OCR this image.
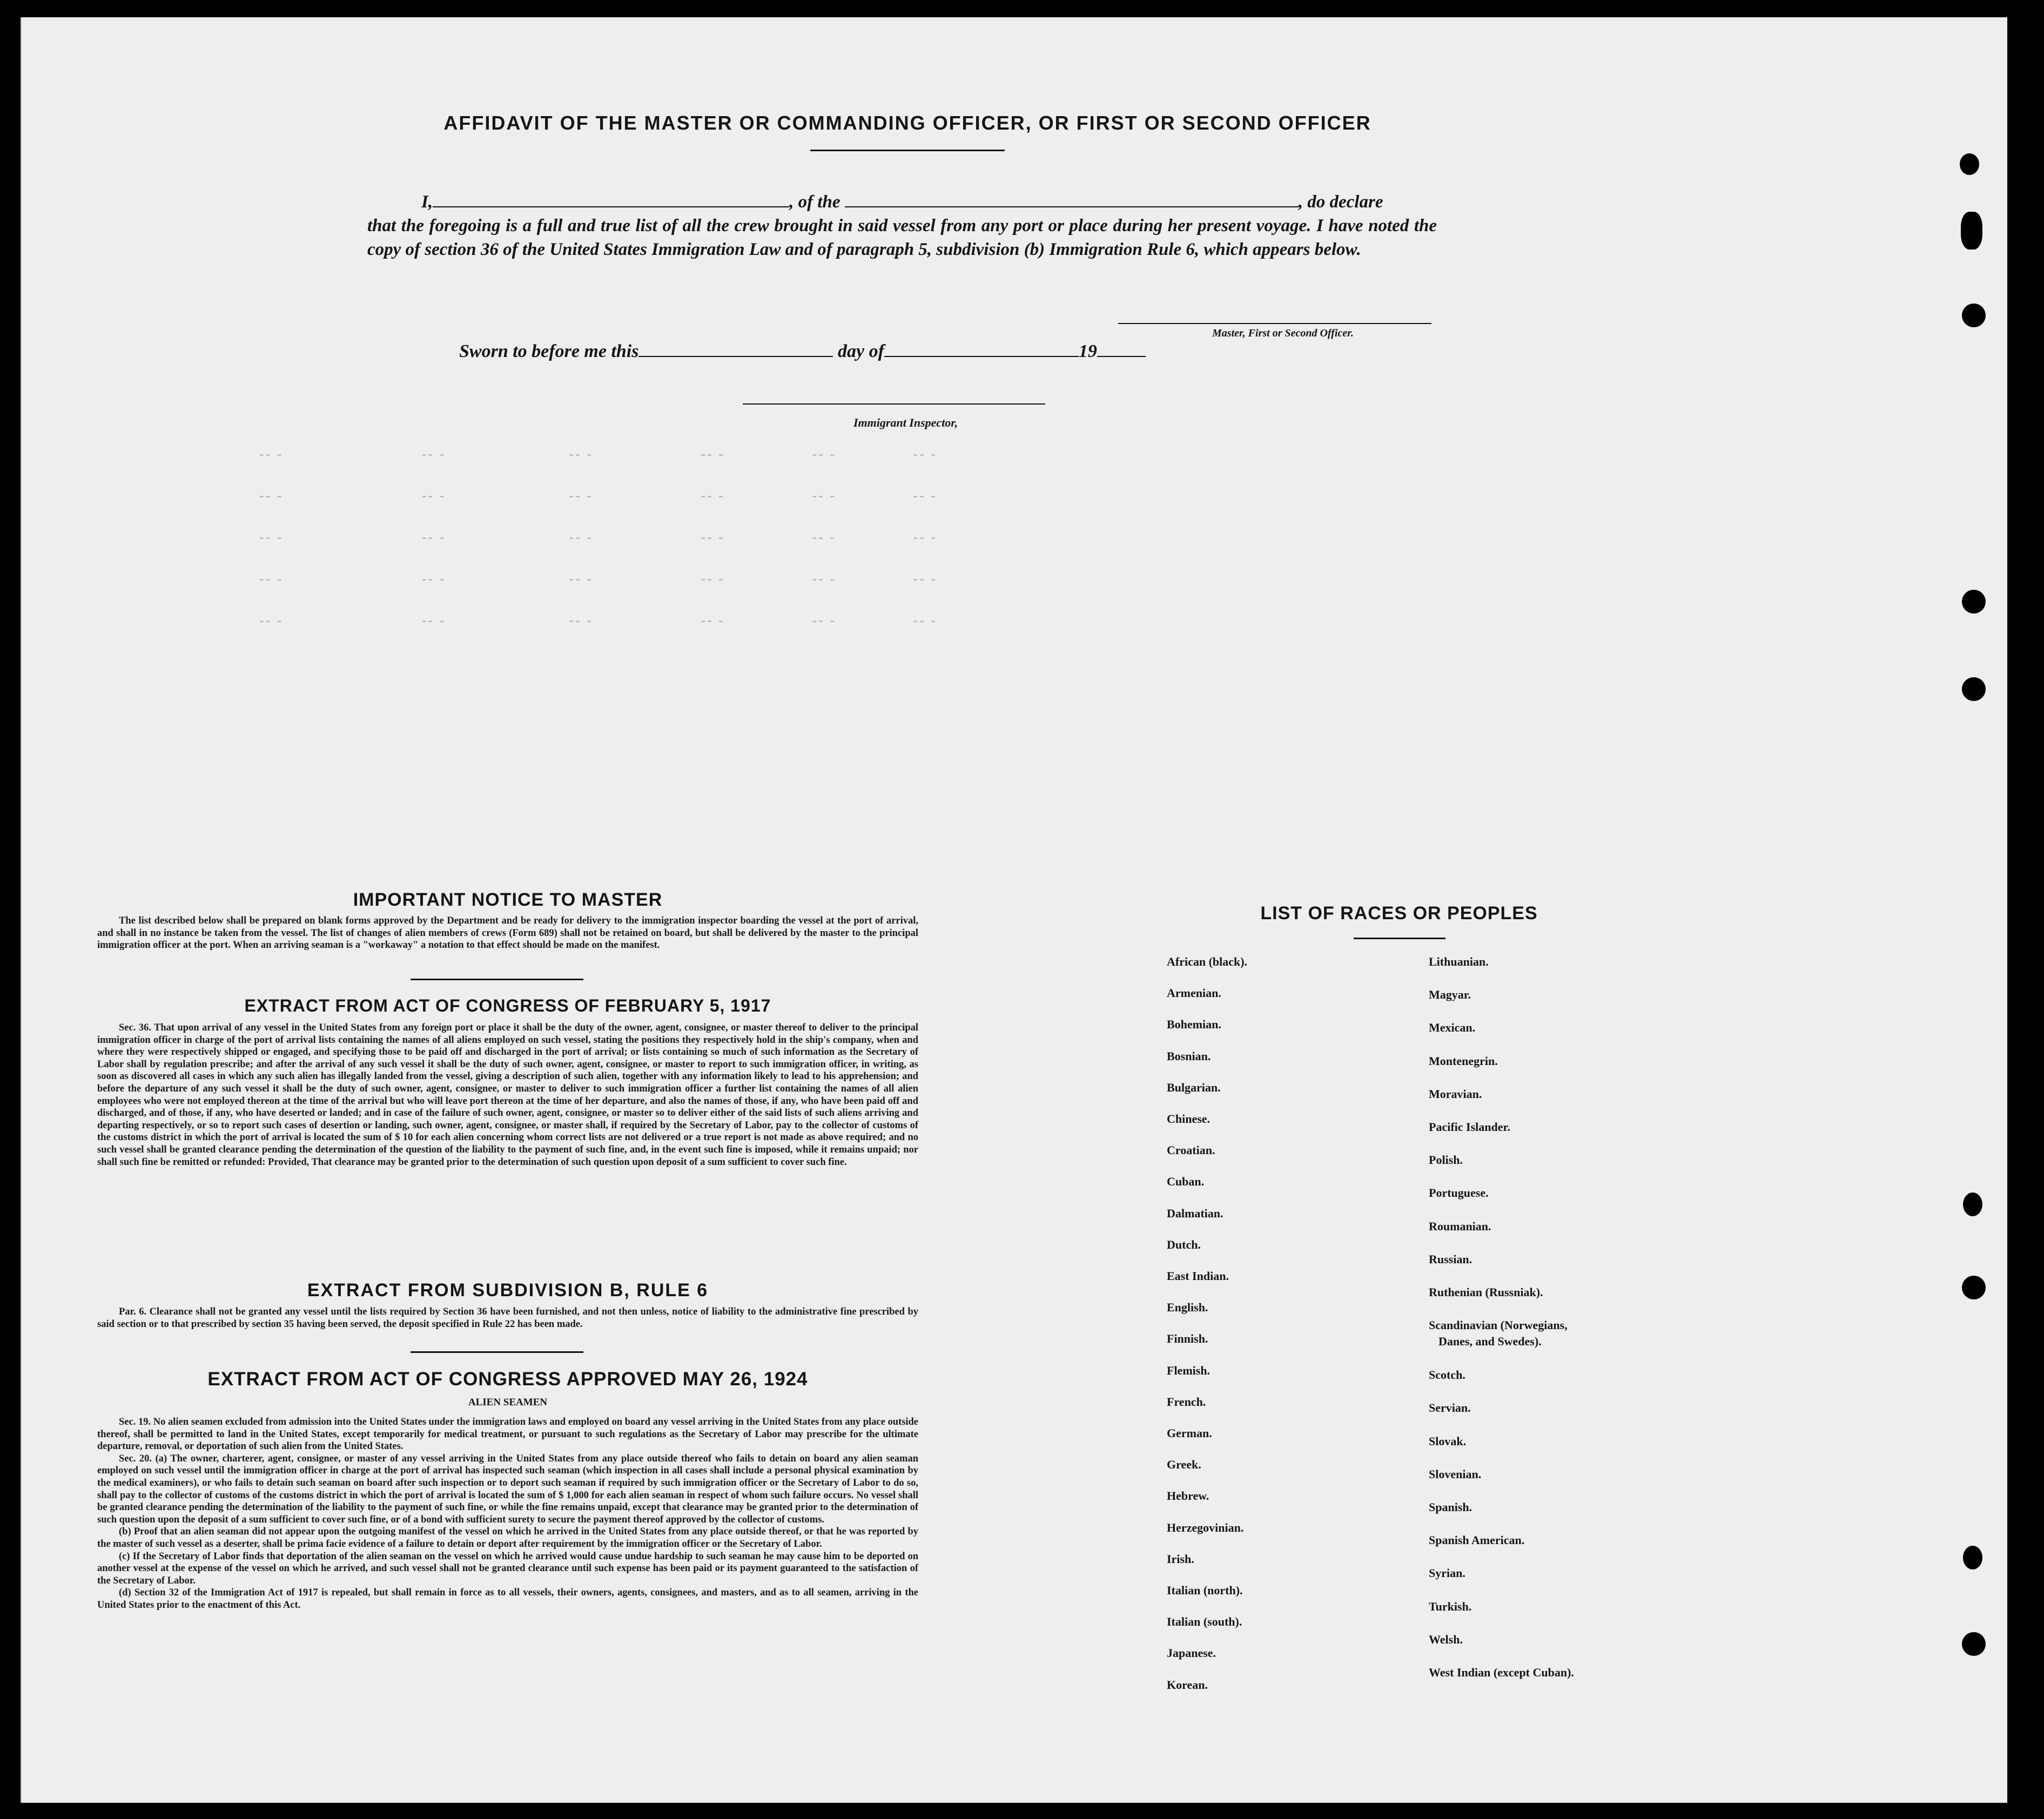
-- -                           -- -                        -- -                     -- -                 -- -               -- -
-- -                           -- -                        -- -                     -- -                 -- -               -- -
-- -                           -- -                        -- -                     -- -                 -- -               -- -
-- -                           -- -                        -- -                     -- -                 -- -               -- -
-- -                           -- -                        -- -                     -- -                 -- -               -- -
AFFIDAVIT OF THE MASTER OR COMMANDING OFFICER, OR FIRST OR SECOND OFFICER

I,	, of the	, do declare

that the foregoing is a full and true list of all the crew brought in said vessel from any port or place during her present voyage. I have noted the copy of section 36 of the United States Immigration Law and of paragraph 5, subdivision (b) Immigration Rule 6, which appears below.

Master, First or Second Officer.
Sworn to before me this	day of	19
Immigrant Inspector,
IMPORTANT NOTICE TO MASTER

The list described below shall be prepared on blank forms approved by the Department and be ready for delivery to the immigration inspector boarding the vessel at the port of arrival, and shall in no instance be taken from the vessel. The list of changes of alien members of crews (Form 689) shall not be retained on board, but shall be delivered by the master to the principal immigration officer at the port. When an arriving seaman is a "workaway" a notation to that effect should be made on the manifest.

EXTRACT FROM ACT OF CONGRESS OF FEBRUARY 5, 1917

Sec. 36. That upon arrival of any vessel in the United States from any foreign port or place it shall be the duty of the owner, agent, consignee, or master thereof to deliver to the principal immigration officer in charge of the port of arrival lists containing the names of all aliens employed on such vessel, stating the positions they respectively hold in the ship's company, when and where they were respectively shipped or engaged, and specifying those to be paid off and discharged in the port of arrival; or lists containing so much of such information as the Secretary of Labor shall by regulation prescribe; and after the arrival of any such vessel it shall be the duty of such owner, agent, consignee, or master to report to such immigration officer, in writing, as soon as discovered all cases in which any such alien has illegally landed from the vessel, giving a description of such alien, together with any information likely to lead to his apprehension; and before the departure of any such vessel it shall be the duty of such owner, agent, consignee, or master to deliver to such immigration officer a further list containing the names of all alien employees who were not employed thereon at the time of the arrival but who will leave port thereon at the time of her departure, and also the names of those, if any, who have been paid off and discharged, and of those, if any, who have deserted or landed; and in case of the failure of such owner, agent, consignee, or master so to deliver either of the said lists of such aliens arriving and departing respectively, or so to report such cases of desertion or landing, such owner, agent, consignee, or master shall, if required by the Secretary of Labor, pay to the collector of customs of the customs district in which the port of arrival is located the sum of $ 10 for each alien concerning whom correct lists are not delivered or a true report is not made as above required; and no such vessel shall be granted clearance pending the determination of the question of the liability to the payment of such fine, and, in the event such fine is imposed, while it remains unpaid; nor shall such fine be remitted or refunded: Provided, That clearance may be granted prior to the determination of such question upon deposit of a sum sufficient to cover such fine.

EXTRACT FROM SUBDIVISION B, RULE 6

Par. 6. Clearance shall not be granted any vessel until the lists required by Section 36 have been furnished, and not then unless, notice of liability to the administrative fine prescribed by said section or to that prescribed by section 35 having been served, the deposit specified in Rule 22 has been made.

EXTRACT FROM ACT OF CONGRESS APPROVED MAY 26, 1924
ALIEN SEAMEN

Sec. 19. No alien seamen excluded from admission into the United States under the immigration laws and employed on board any vessel arriving in the United States from any place outside thereof, shall be permitted to land in the United States, except temporarily for medical treatment, or pursuant to such regulations as the Secretary of Labor may prescribe for the ultimate departure, removal, or deportation of such alien from the United States.

Sec. 20. (a) The owner, charterer, agent, consignee, or master of any vessel arriving in the United States from any place outside thereof who fails to detain on board any alien seaman employed on such vessel until the immigration officer in charge at the port of arrival has inspected such seaman (which inspection in all cases shall include a personal physical examination by the medical examiners), or who fails to detain such seaman on board after such inspection or to deport such seaman if required by such immigration officer or the Secretary of Labor to do so, shall pay to the collector of customs of the customs district in which the port of arrival is located the sum of $ 1,000 for each alien seaman in respect of whom such failure occurs. No vessel shall be granted clearance pending the determination of the liability to the payment of such fine, or while the fine remains unpaid, except that clearance may be granted prior to the determination of such question upon the deposit of a sum sufficient to cover such fine, or of a bond with sufficient surety to secure the payment thereof approved by the collector of customs.

(b) Proof that an alien seaman did not appear upon the outgoing manifest of the vessel on which he arrived in the United States from any place outside thereof, or that he was reported by the master of such vessel as a deserter, shall be prima facie evidence of a failure to detain or deport after requirement by the immigration officer or the Secretary of Labor.

(c) If the Secretary of Labor finds that deportation of the alien seaman on the vessel on which he arrived would cause undue hardship to such seaman he may cause him to be deported on another vessel at the expense of the vessel on which he arrived, and such vessel shall not be granted clearance until such expense has been paid or its payment guaranteed to the satisfaction of the Secretary of Labor.

(d) Section 32 of the Immigration Act of 1917 is repealed, but shall remain in force as to all vessels, their owners, agents, consignees, and masters, and as to all seamen, arriving in the United States prior to the enactment of this Act.

LIST OF RACES OR PEOPLES
African (black).
Armenian.
Bohemian.
Bosnian.
Bulgarian.
Chinese.
Croatian.
Cuban.
Dalmatian.
Dutch.
East Indian.
English.
Finnish.
Flemish.
French.
German.
Greek.
Hebrew.
Herzegovinian.
Irish.
Italian (north).
Italian (south).
Japanese.
Korean.
Lithuanian.
Magyar.
Mexican.
Montenegrin.
Moravian.
Pacific Islander.
Polish.
Portuguese.
Roumanian.
Russian.
Ruthenian (Russniak).
Scandinavian (Norwegians,
Danes, and Swedes).
Scotch.
Servian.
Slovak.
Slovenian.
Spanish.
Spanish American.
Syrian.
Turkish.
Welsh.
West Indian (except Cuban).
